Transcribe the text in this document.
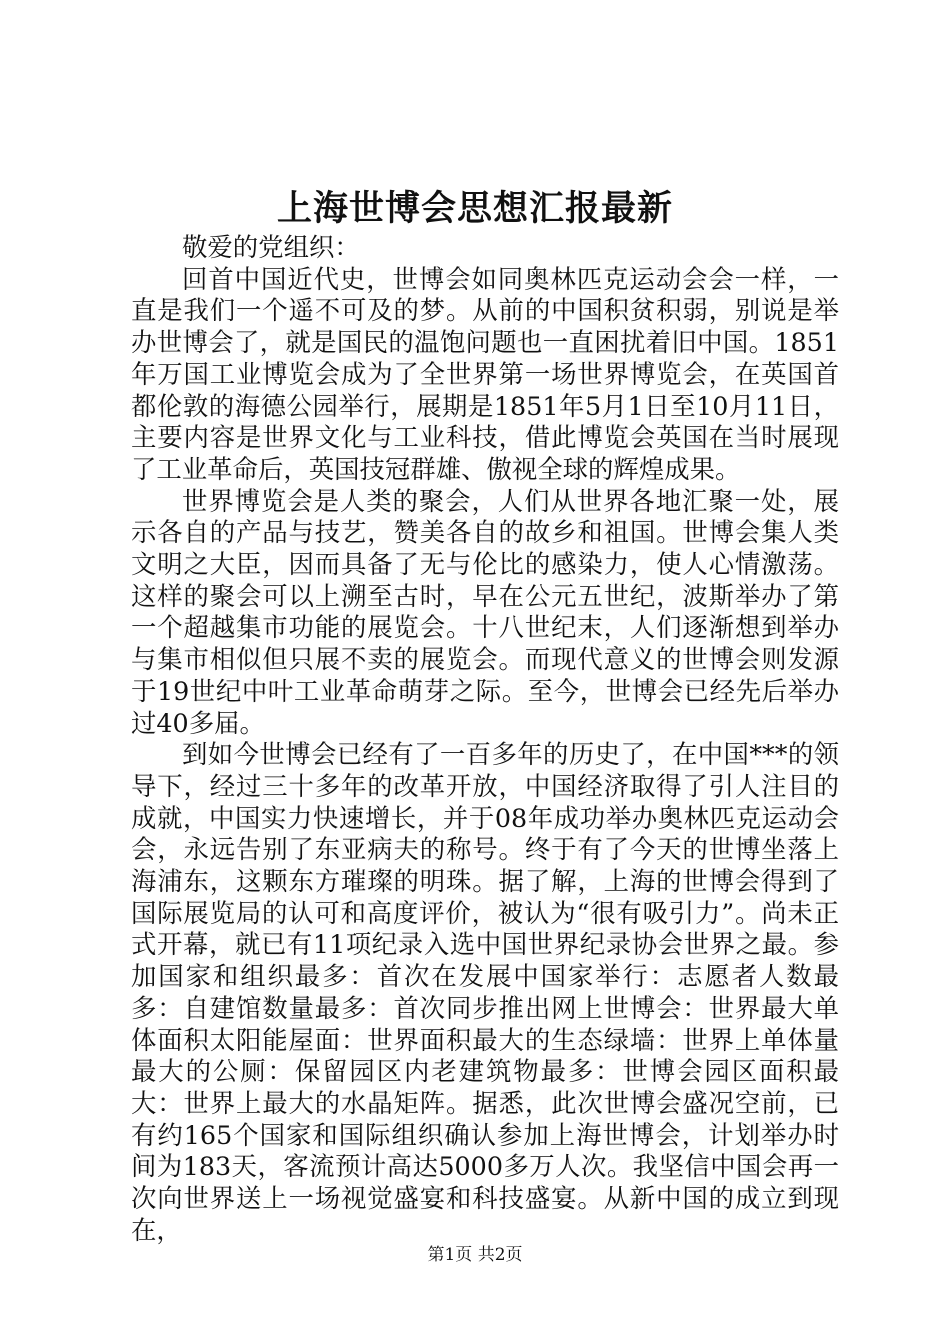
上海世博会思想汇报最新

敬爱的党组织：

回首中国近代史，世博会如同奥林匹克运动会会一样，一直是我们一个遥不可及的梦。从前的中国积贫积弱，别说是举办世博会了，就是国民的温饱问题也一直困扰着旧中国。1851年万国工业博览会成为了全世界第一场世界博览会，在英国首都伦敦的海德公园举行，展期是1851年5月1日至10月11日，主要内容是世界文化与工业科技，借此博览会英国在当时展现了工业革命后，英国技冠群雄、傲视全球的辉煌成果。

世界博览会是人类的聚会，人们从世界各地汇聚一处，展示各自的产品与技艺，赞美各自的故乡和祖国。世博会集人类文明之大臣，因而具备了无与伦比的感染力，使人心情激荡。这样的聚会可以上溯至古时，早在公元五世纪，波斯举办了第一个超越集市功能的展览会。十八世纪末，人们逐渐想到举办与集市相似但只展不卖的展览会。而现代意义的世博会则发源于19世纪中叶工业革命萌芽之际。至今，世博会已经先后举办过40多届。

到如今世博会已经有了一百多年的历史了，在中国***的领导下，经过三十多年的改革开放，中国经济取得了引人注目的成就，中国实力快速增长，并于08年成功举办奥林匹克运动会会，永远告别了东亚病夫的称号。终于有了今天的世博坐落上海浦东，这颗东方璀璨的明珠。据了解，上海的世博会得到了国际展览局的认可和高度评价，被认为“很有吸引力”。尚未正式开幕，就已有11项纪录入选中国世界纪录协会世界之最。参加国家和组织最多：首次在发展中国家举行：志愿者人数最多：自建馆数量最多：首次同步推出网上世博会：世界最大单体面积太阳能屋面：世界面积最大的生态绿墙：世界上单体量最大的公厕：保留园区内老建筑物最多：世博会园区面积最大：世界上最大的水晶矩阵。据悉，此次世博会盛况空前，已有约165个国家和国际组织确认参加上海世博会，计划举办时间为183天，客流预计高达5000多万人次。我坚信中国会再一次向世界送上一场视觉盛宴和科技盛宴。从新中国的成立到现在，

第1页 共2页
